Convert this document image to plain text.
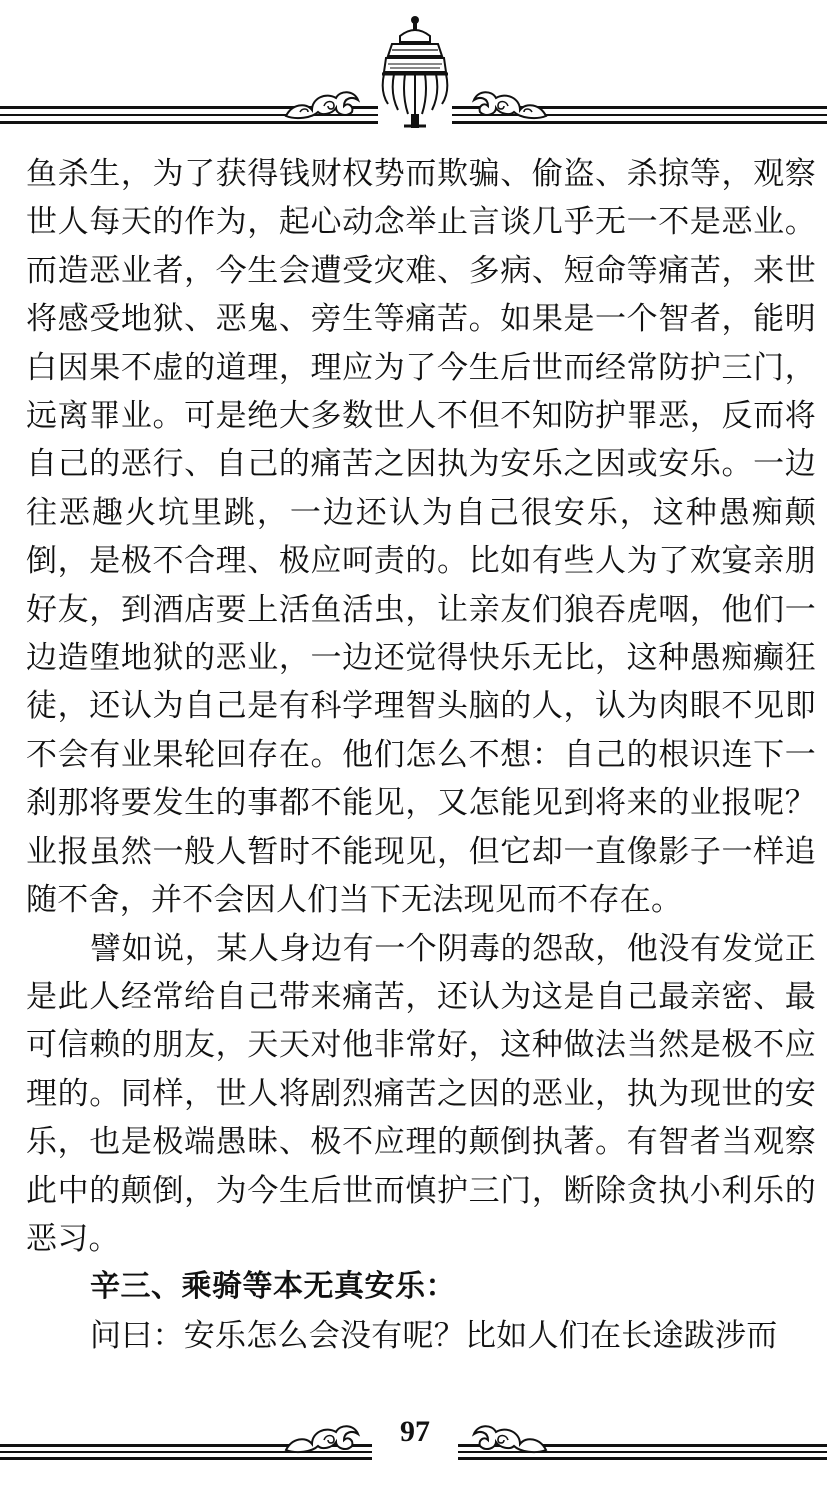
鱼杀生，为了获得钱财权势而欺骗、偷盗、杀掠等，观察世人每天的作为，起心动念举止言谈几乎无一不是恶业。而造恶业者，今生会遭受灾难、多病、短命等痛苦，来世将感受地狱、恶鬼、旁生等痛苦。如果是一个智者，能明白因果不虚的道理，理应为了今生后世而经常防护三门，远离罪业。可是绝大多数世人不但不知防护罪恶，反而将自己的恶行、自己的痛苦之因执为安乐之因或安乐。一边往恶趣火坑里跳，一边还认为自己很安乐，这种愚痴颠倒，是极不合理、极应呵责的。比如有些人为了欢宴亲朋好友，到酒店要上活鱼活虫，让亲友们狼吞虎咽，他们一边造堕地狱的恶业，一边还觉得快乐无比，这种愚痴癫狂徒，还认为自己是有科学理智头脑的人，认为肉眼不见即不会有业果轮回存在。他们怎么不想：自己的根识连下一刹那将要发生的事都不能见，又怎能见到将来的业报呢？业报虽然一般人暂时不能现见，但它却一直像影子一样追随不舍，并不会因人们当下无法现见而不存在。

譬如说，某人身边有一个阴毒的怨敌，他没有发觉正是此人经常给自己带来痛苦，还认为这是自己最亲密、最可信赖的朋友，天天对他非常好，这种做法当然是极不应理的。同样，世人将剧烈痛苦之因的恶业，执为现世的安乐，也是极端愚昧、极不应理的颠倒执著。有智者当观察此中的颠倒，为今生后世而慎护三门，断除贪执小利乐的恶习。

辛三、乘骑等本无真安乐：

问曰：安乐怎么会没有呢？比如人们在长途跋涉而

97
